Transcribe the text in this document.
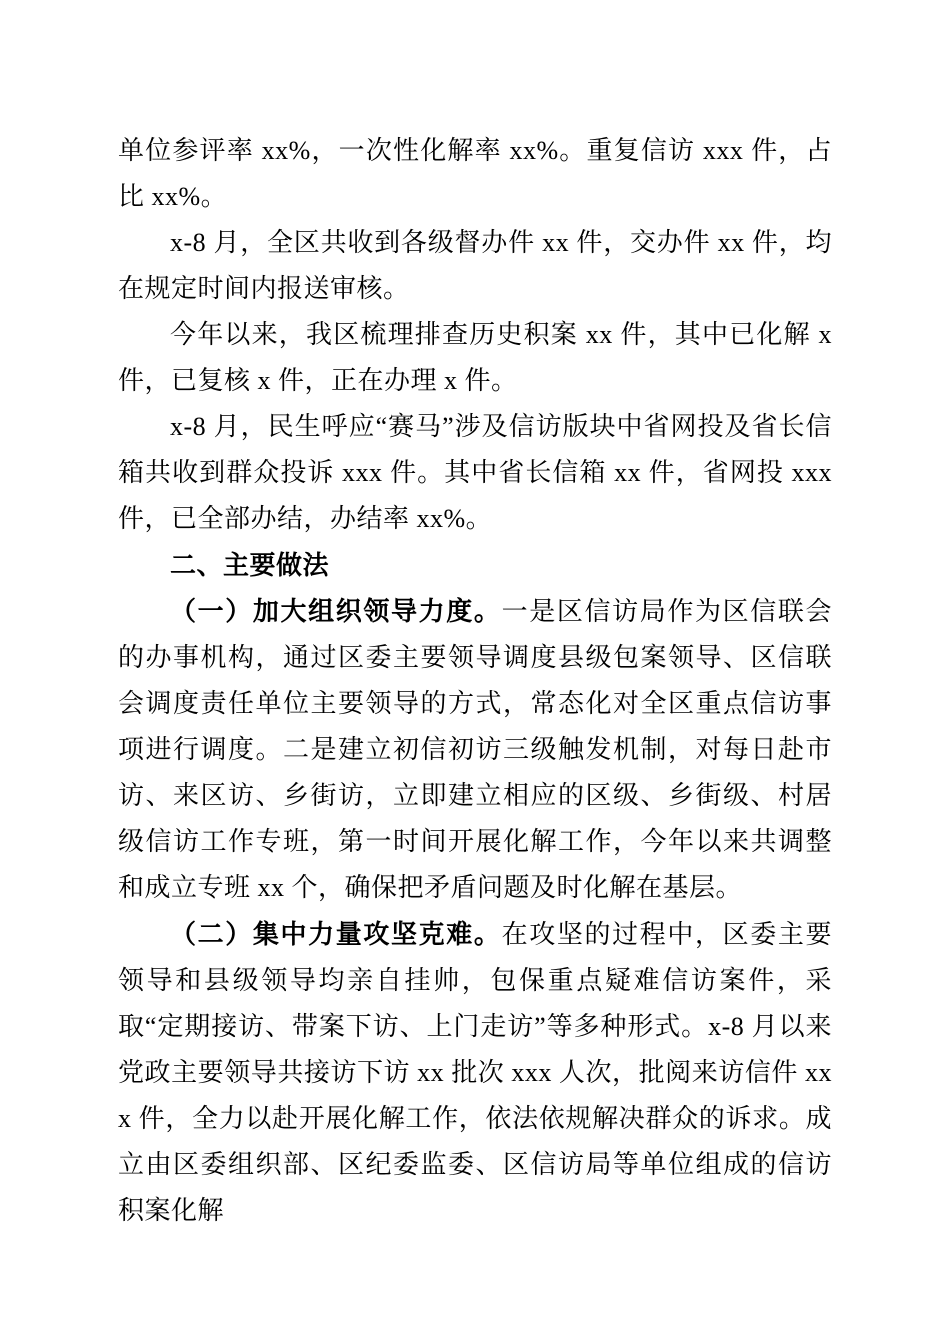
单位参评率 xx%，一次性化解率 xx%。重复信访 xxx 件，占比 xx%。

x-8 月，全区共收到各级督办件 xx 件，交办件 xx 件，均在规定时间内报送审核。

今年以来，我区梳理排查历史积案 xx 件，其中已化解 x 件，已复核 x 件，正在办理 x 件。

x-8 月，民生呼应“赛马”涉及信访版块中省网投及省长信箱共收到群众投诉 xxx 件。其中省长信箱 xx 件，省网投 xxx 件，已全部办结，办结率 xx%。

二、主要做法

（一）加大组织领导力度。一是区信访局作为区信联会的办事机构，通过区委主要领导调度县级包案领导、区信联会调度责任单位主要领导的方式，常态化对全区重点信访事项进行调度。二是建立初信初访三级触发机制，对每日赴市访、来区访、乡街访，立即建立相应的区级、乡街级、村居级信访工作专班，第一时间开展化解工作，今年以来共调整和成立专班 xx 个，确保把矛盾问题及时化解在基层。

（二）集中力量攻坚克难。在攻坚的过程中，区委主要领导和县级领导均亲自挂帅，包保重点疑难信访案件，采取“定期接访、带案下访、上门走访”等多种形式。x-8 月以来党政主要领导共接访下访 xx 批次 xxx 人次，批阅来访信件 xxx 件，全力以赴开展化解工作，依法依规解决群众的诉求。成立由区委组织部、区纪委监委、区信访局等单位组成的信访积案化解
